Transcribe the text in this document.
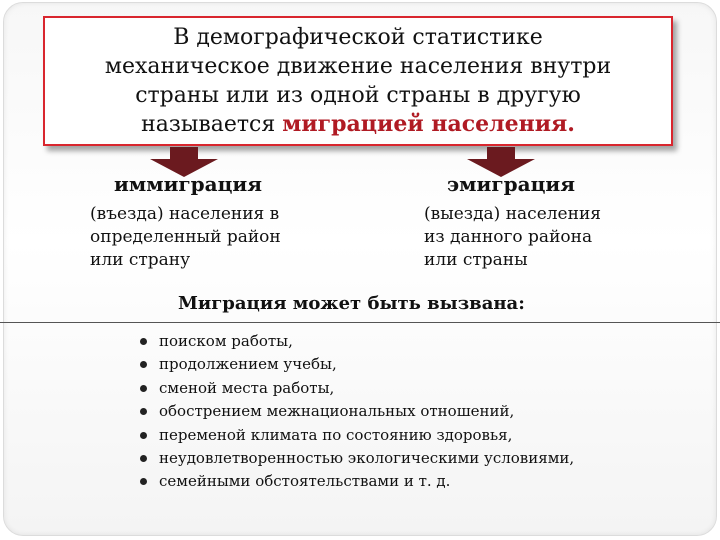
В демографической статистике
механическое движение населения внутри
страны или из одной страны в другую
называется миграцией населения.
иммиграция	эмиграция
(въезда) населения в
определенный район
или страну
(выезда) населения
из данного района
или страны
Миграция может быть вызвана:
поиском работы,
продолжением учебы,
сменой места работы,
обострением межнациональных отношений,
переменой климата по состоянию здоровья,
неудовлетворенностью экологическими условиями,
семейными обстоятельствами и т. д.
